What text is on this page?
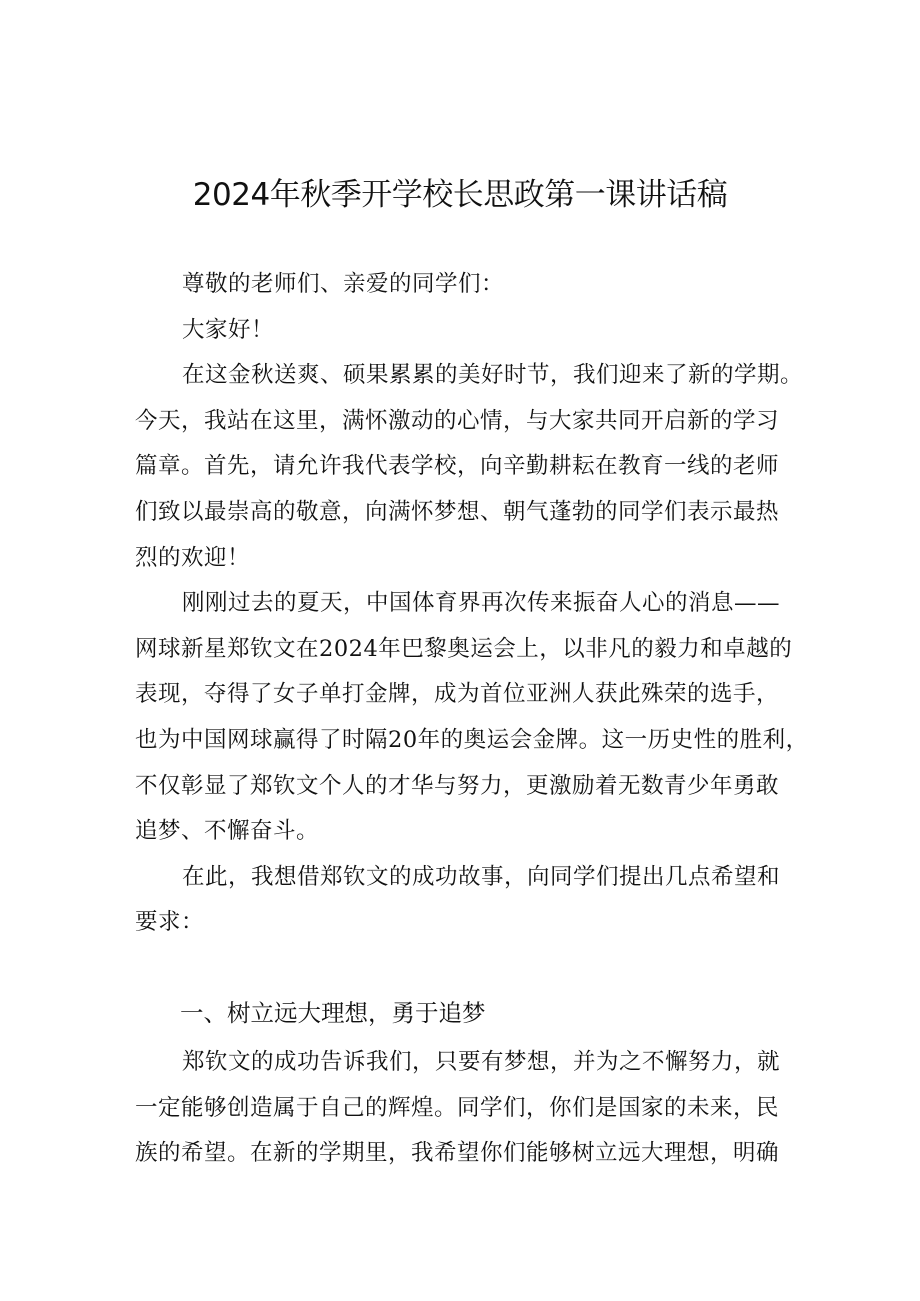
2024年秋季开学校长思政第一课讲话稿
尊敬的老师们、亲爱的同学们：
大家好！
在这金秋送爽、硕果累累的美好时节，我们迎来了新的学期。
今天，我站在这里，满怀激动的心情，与大家共同开启新的学习
篇章。首先，请允许我代表学校，向辛勤耕耘在教育一线的老师
们致以最崇高的敬意，向满怀梦想、朝气蓬勃的同学们表示最热
烈的欢迎！
刚刚过去的夏天，中国体育界再次传来振奋人心的消息——
网球新星郑钦文在2024年巴黎奥运会上，以非凡的毅力和卓越的
表现，夺得了女子单打金牌，成为首位亚洲人获此殊荣的选手，
也为中国网球赢得了时隔20年的奥运会金牌。这一历史性的胜利，
不仅彰显了郑钦文个人的才华与努力，更激励着无数青少年勇敢
追梦、不懈奋斗。
在此，我想借郑钦文的成功故事，向同学们提出几点希望和
要求：
一、树立远大理想，勇于追梦
郑钦文的成功告诉我们，只要有梦想，并为之不懈努力，就
一定能够创造属于自己的辉煌。同学们，你们是国家的未来，民
族的希望。在新的学期里，我希望你们能够树立远大理想，明确
